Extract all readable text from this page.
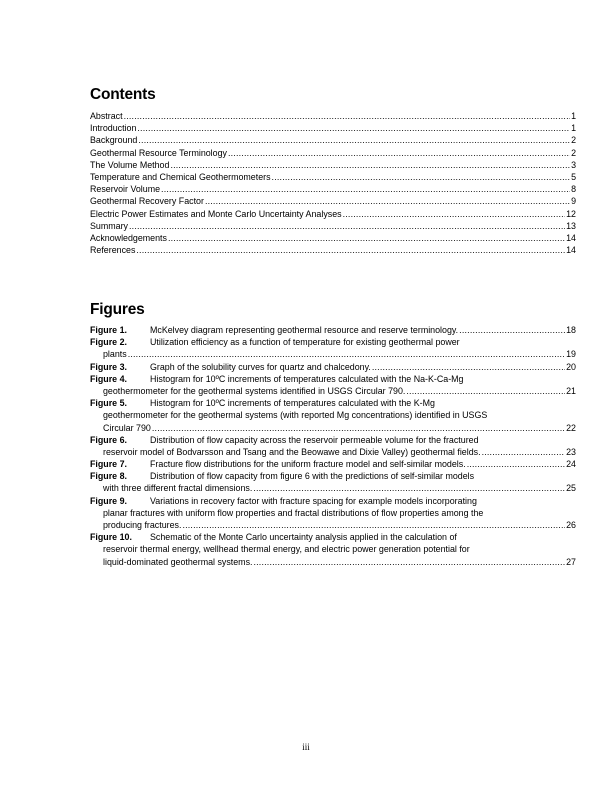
Contents
Abstract .....	1
Introduction .....	1
Background .....	2
Geothermal Resource Terminology .....	2
The Volume Method .....	3
Temperature and Chemical Geothermometers .....	5
Reservoir Volume .....	8
Geothermal Recovery Factor .....	9
Electric Power Estimates and Monte Carlo Uncertainty Analyses .....	12
Summary .....	13
Acknowledgements .....	14
References .....	14
Figures
Figure 1.	McKelvey diagram representing geothermal resource and reserve terminology. .....	18
Figure 2.	Utilization efficiency as a function of temperature for existing geothermal power
plants .....	19
Figure 3.	Graph of the solubility curves for quartz and chalcedony. .....	20
Figure 4.	Histogram for 10ºC increments of temperatures calculated with the Na-K-Ca-Mg
geothermometer for the geothermal systems identified in USGS Circular 790. .....	21
Figure 5.	Histogram for 10ºC increments of temperatures calculated with the K-Mg
geothermometer for the geothermal systems (with reported Mg concentrations) identified in USGS
Circular 790 .....	22
Figure 6.	Distribution of flow capacity across the reservoir permeable volume for the fractured
reservoir model of Bodvarsson and Tsang and the Beowawe and Dixie Valley) geothermal fields. .....	23
Figure 7.	Fracture flow distributions for the uniform fracture model and self-similar models. .....	24
Figure 8.	Distribution of flow capacity from figure 6 with the predictions of self-similar models
with three different fractal dimensions. .....	25
Figure 9.	Variations in recovery factor with fracture spacing for example models incorporating
planar fractures with uniform flow properties and fractal distributions of flow properties among the
producing fractures. .....	26
Figure 10.	Schematic of the Monte Carlo uncertainty analysis applied in the calculation of
reservoir thermal energy, wellhead thermal energy, and electric power generation potential for
liquid-dominated geothermal systems. .....	27
iii
